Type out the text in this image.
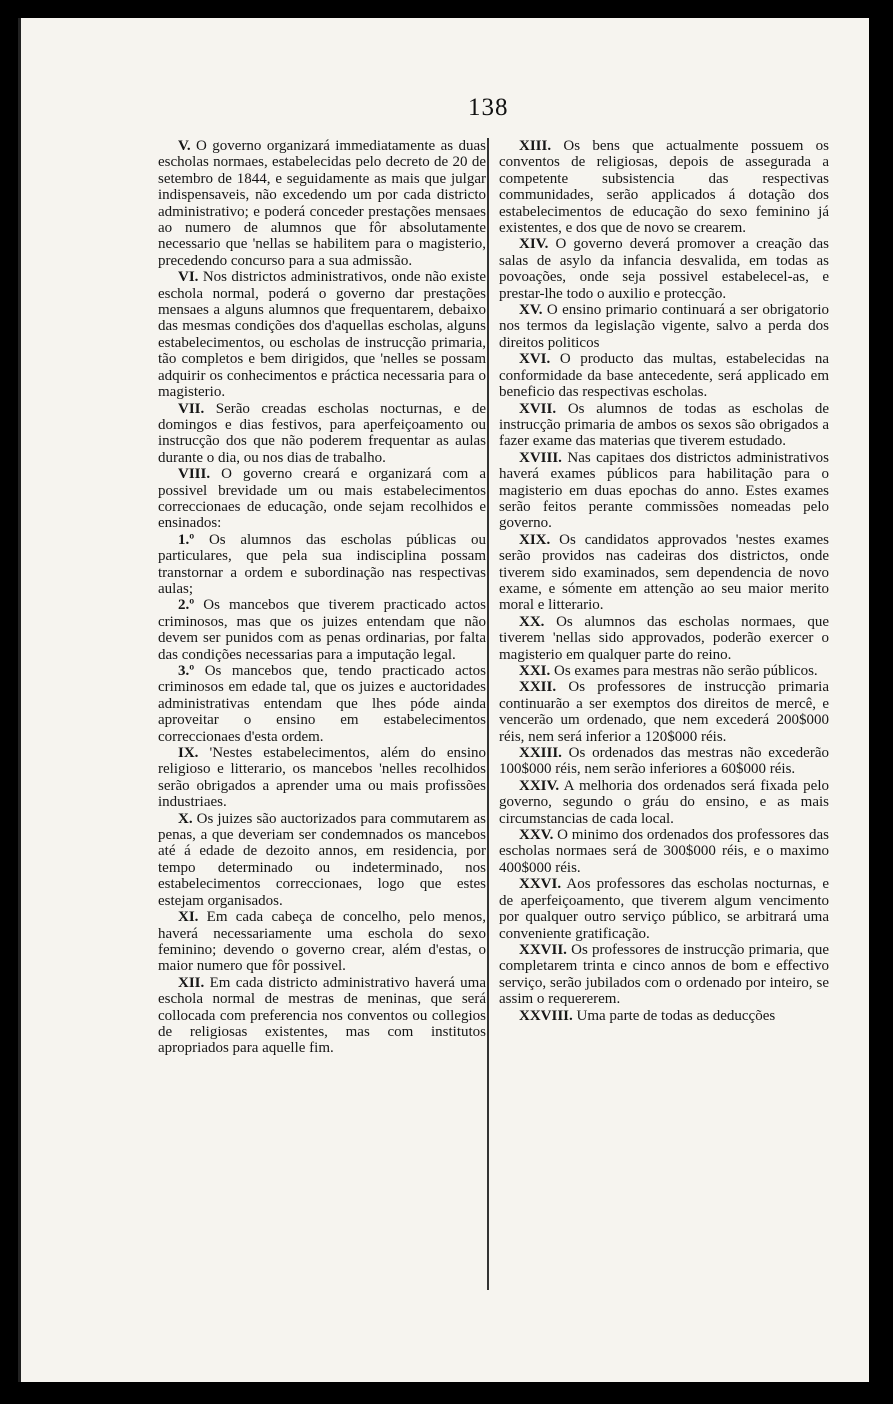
138

V. O governo organizará immediatamente as duas escholas normaes, estabelecidas pelo decreto de 20 de setembro de 1844, e seguidamente as mais que julgar indispensaveis, não excedendo um por cada districto administrativo; e poderá conceder prestações mensaes ao numero de alumnos que fôr absolutamente necessario que 'nellas se habilitem para o magisterio, precedendo concurso para a sua admissão.

VI. Nos districtos administrativos, onde não existe eschola normal, poderá o governo dar prestações mensaes a alguns alumnos que frequentarem, debaixo das mesmas condições dos d'aquellas escholas, alguns estabelecimentos, ou escholas de instrucção primaria, tão completos e bem dirigidos, que 'nelles se possam adquirir os conhecimentos e práctica necessaria para o magisterio.

VII. Serão creadas escholas nocturnas, e de domingos e dias festivos, para aperfeiçoamento ou instrucção dos que não poderem frequentar as aulas durante o dia, ou nos dias de trabalho.

VIII. O governo creará e organizará com a possivel brevidade um ou mais estabelecimentos correccionaes de educação, onde sejam recolhidos e ensinados:

1.º Os alumnos das escholas públicas ou particulares, que pela sua indisciplina possam transtornar a ordem e subordinação nas respectivas aulas;

2.º Os mancebos que tiverem practicado actos criminosos, mas que os juizes entendam que não devem ser punidos com as penas ordinarias, por falta das condições necessarias para a imputação legal.

3.º Os mancebos que, tendo practicado actos criminosos em edade tal, que os juizes e auctoridades administrativas entendam que lhes póde ainda aproveitar o ensino em estabelecimentos correccionaes d'esta ordem.

IX. 'Nestes estabelecimentos, além do ensino religioso e litterario, os mancebos 'nelles recolhidos serão obrigados a aprender uma ou mais profissões industriaes.

X. Os juizes são auctorizados para commutarem as penas, a que deveriam ser condemnados os mancebos até á edade de dezoito annos, em residencia, por tempo determinado ou indeterminado, nos estabelecimentos correccionaes, logo que estes estejam organisados.

XI. Em cada cabeça de concelho, pelo menos, haverá necessariamente uma eschola do sexo feminino; devendo o governo crear, além d'estas, o maior numero que fôr possivel.

XII. Em cada districto administrativo haverá uma eschola normal de mestras de meninas, que será collocada com preferencia nos conventos ou collegios de religiosas existentes, mas com institutos apropriados para aquelle fim.

XIII. Os bens que actualmente possuem os conventos de religiosas, depois de assegurada a competente subsistencia das respectivas communidades, serão applicados á dotação dos estabelecimentos de educação do sexo feminino já existentes, e dos que de novo se crearem.

XIV. O governo deverá promover a creação das salas de asylo da infancia desvalida, em todas as povoações, onde seja possivel estabelecel-as, e prestar-lhe todo o auxilio e protecção.

XV. O ensino primario continuará a ser obrigatorio nos termos da legislação vigente, salvo a perda dos direitos politicos

XVI. O producto das multas, estabelecidas na conformidade da base antecedente, será applicado em beneficio das respectivas escholas.

XVII. Os alumnos de todas as escholas de instrucção primaria de ambos os sexos são obrigados a fazer exame das materias que tiverem estudado.

XVIII. Nas capitaes dos districtos administrativos haverá exames públicos para habilitação para o magisterio em duas epochas do anno. Estes exames serão feitos perante commissões nomeadas pelo governo.

XIX. Os candidatos approvados 'nestes exames serão providos nas cadeiras dos districtos, onde tiverem sido examinados, sem dependencia de novo exame, e sómente em attenção ao seu maior merito moral e litterario.

XX. Os alumnos das escholas normaes, que tiverem 'nellas sido approvados, poderão exercer o magisterio em qualquer parte do reino.

XXI. Os exames para mestras não serão públicos.

XXII. Os professores de instrucção primaria continuarão a ser exemptos dos direitos de mercê, e vencerão um ordenado, que nem excederá 200$000 réis, nem será inferior a 120$000 réis.

XXIII. Os ordenados das mestras não excederão 100$000 réis, nem serão inferiores a 60$000 réis.

XXIV. A melhoria dos ordenados será fixada pelo governo, segundo o gráu do ensino, e as mais circumstancias de cada local.

XXV. O minimo dos ordenados dos professores das escholas normaes será de 300$000 réis, e o maximo 400$000 réis.

XXVI. Aos professores das escholas nocturnas, e de aperfeiçoamento, que tiverem algum vencimento por qualquer outro serviço público, se arbitrará uma conveniente gratificação.

XXVII. Os professores de instrucção primaria, que completarem trinta e cinco annos de bom e effectivo serviço, serão jubilados com o ordenado por inteiro, se assim o requererem.

XXVIII. Uma parte de todas as deducções
